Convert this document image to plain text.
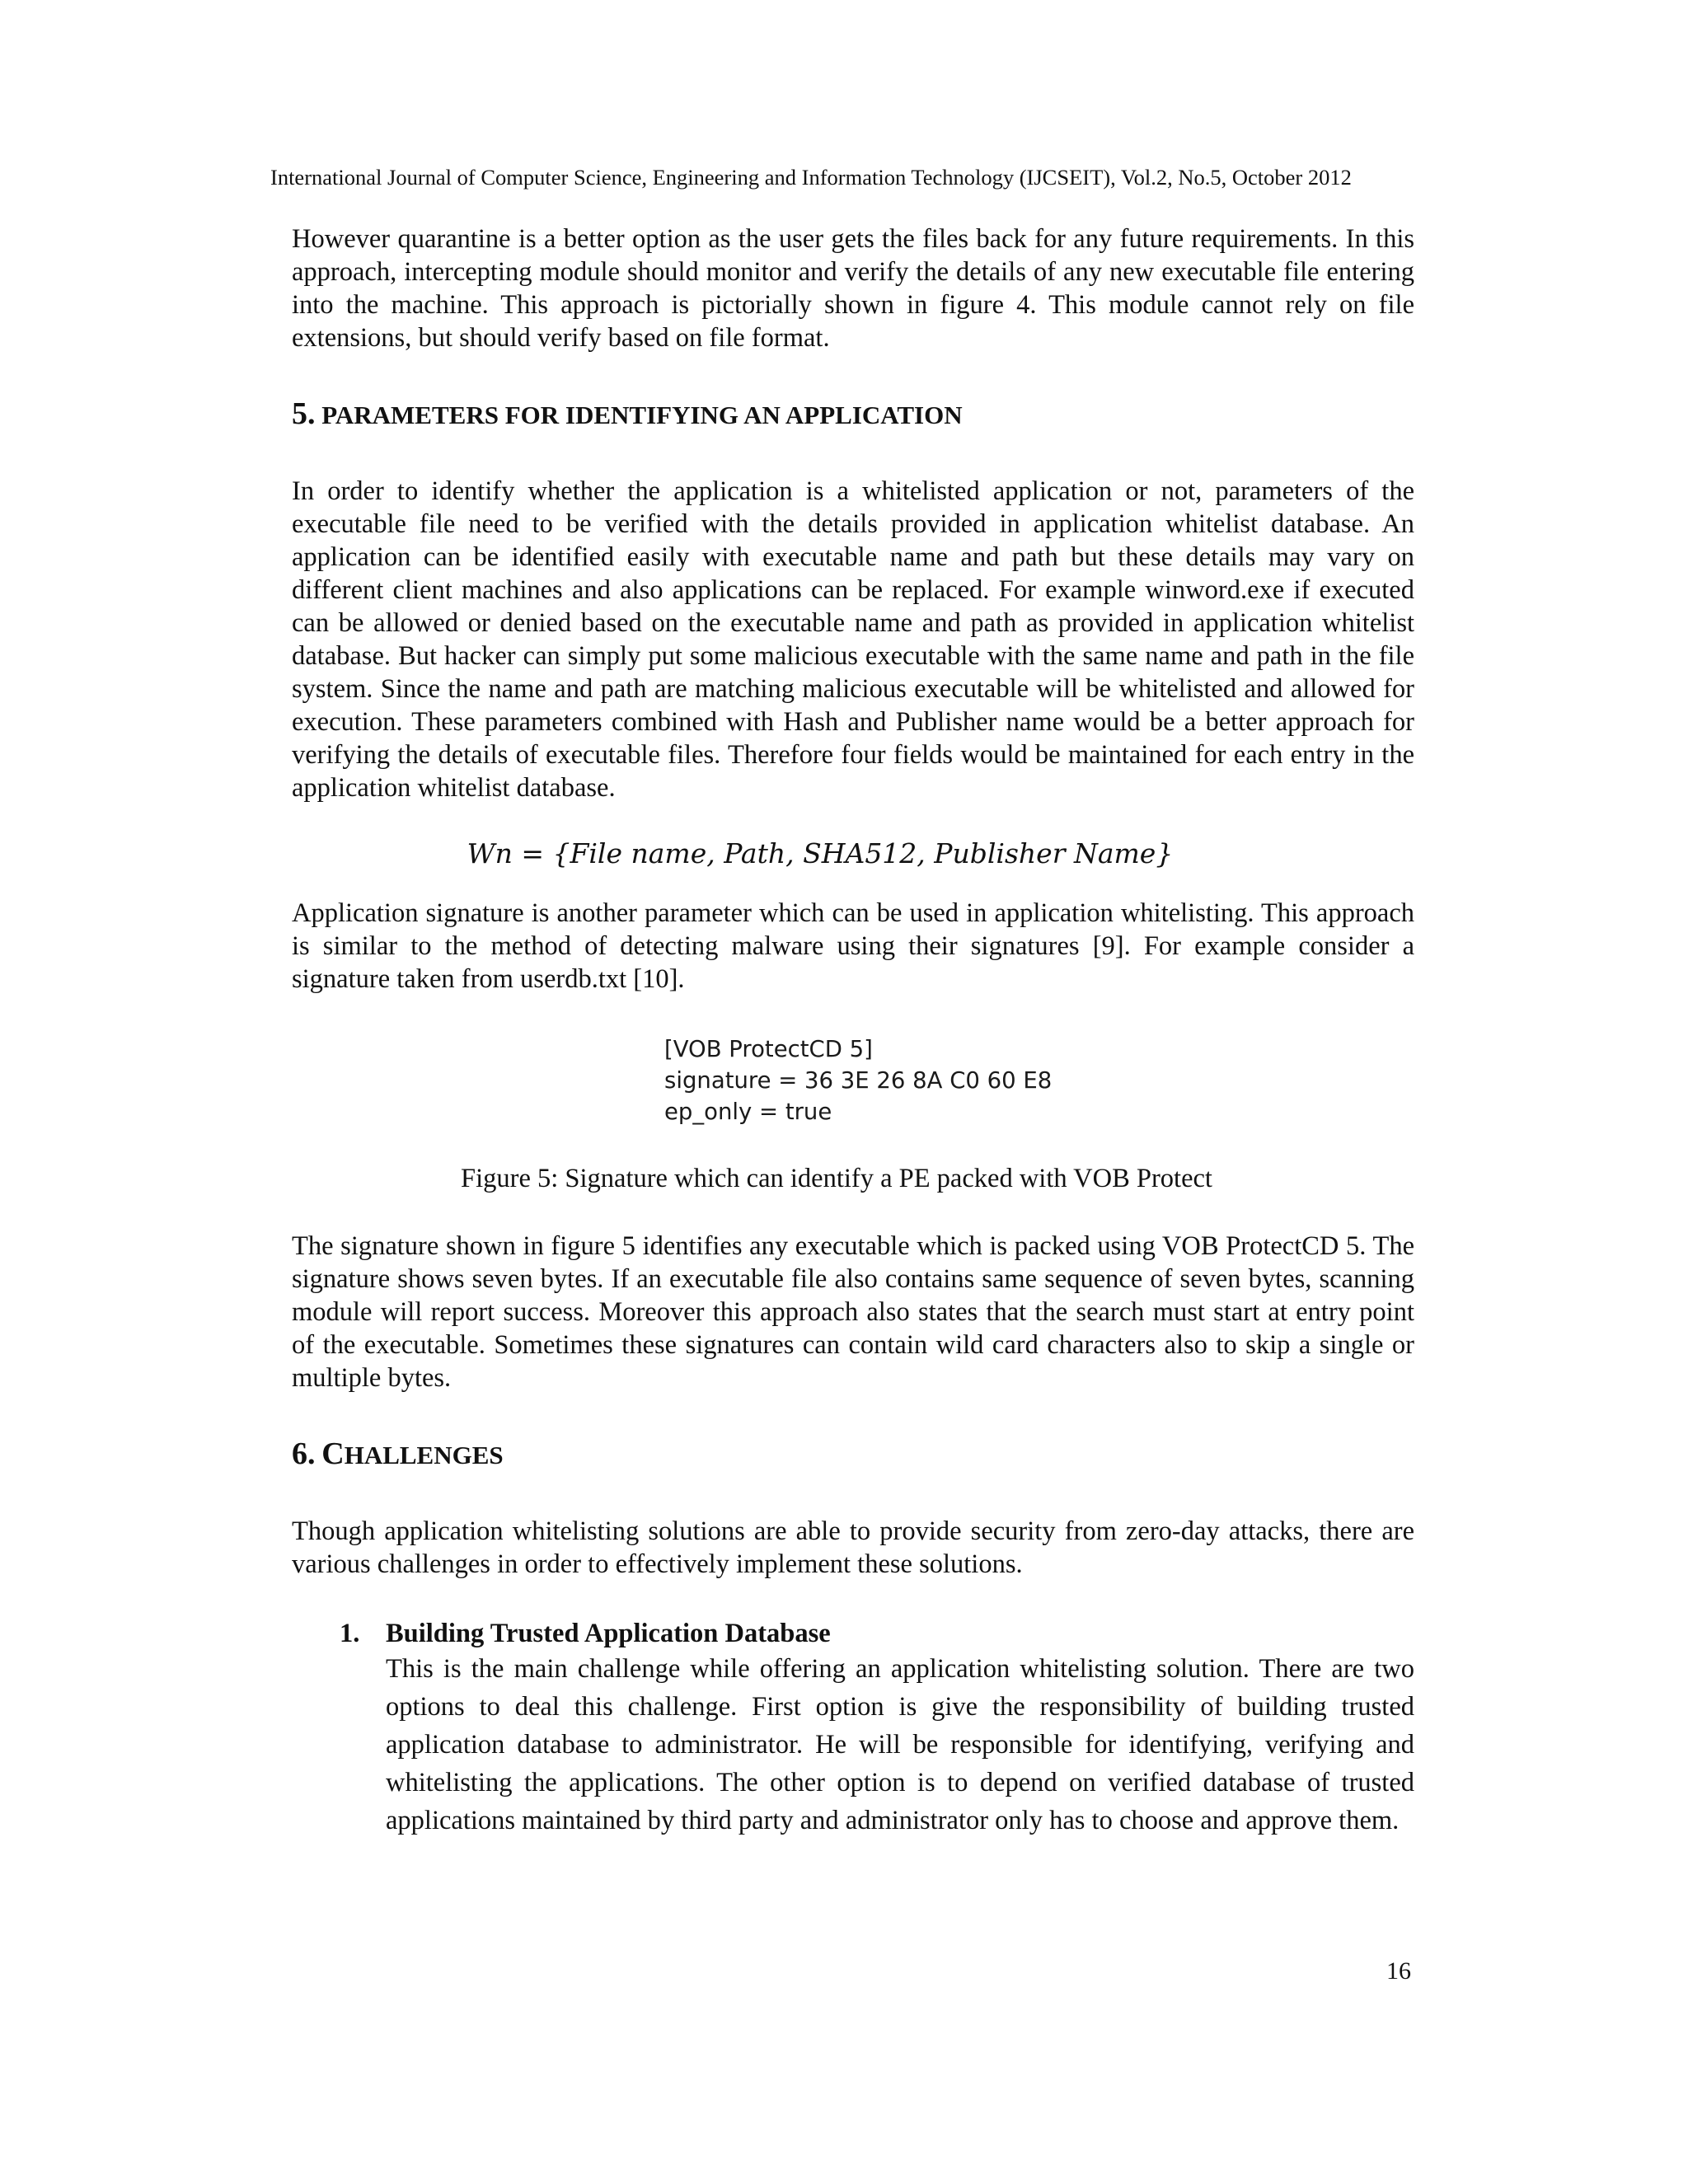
International Journal of Computer Science, Engineering and Information Technology (IJCSEIT), Vol.2, No.5, October 2012

However quarantine is a better option as the user gets the files back for any future requirements. In this approach, intercepting module should monitor and verify the details of any new executable file entering into the machine. This approach is pictorially shown in figure 4. This module cannot rely on file extensions, but should verify based on file format.

5. PARAMETERS FOR IDENTIFYING AN APPLICATION

In order to identify whether the application is a whitelisted application or not, parameters of the executable file need to be verified with the details provided in application whitelist database. An application can be identified easily with executable name and path but these details may vary on different client machines and also applications can be replaced. For example winword.exe if executed can be allowed or denied based on the executable name and path as provided in application whitelist database. But hacker can simply put some malicious executable with the same name and path in the file system. Since the name and path are matching malicious executable will be whitelisted and allowed for execution. These parameters combined with Hash and Publisher name would be a better approach for verifying the details of executable files. Therefore four fields would be maintained for each entry in the application whitelist database.

Wn = {File name, Path, SHA512, Publisher Name}

Application signature is another parameter which can be used in application whitelisting. This approach is similar to the method of detecting malware using their signatures [9]. For example consider a signature taken from userdb.txt [10].

[VOB ProtectCD 5]
signature = 36 3E 26 8A C0 60 E8
ep_only = true
Figure 5: Signature which can identify a PE packed with VOB Protect

The signature shown in figure 5 identifies any executable which is packed using VOB ProtectCD 5. The signature shows seven bytes. If an executable file also contains same sequence of seven bytes, scanning module will report success. Moreover this approach also states that the search must start at entry point of the executable. Sometimes these signatures can contain wild card characters also to skip a single or multiple bytes.

6. CHALLENGES

Though application whitelisting solutions are able to provide security from zero-day attacks, there are various challenges in order to effectively implement these solutions.

1. Building Trusted Application Database
This is the main challenge while offering an application whitelisting solution. There are two options to deal this challenge. First option is give the responsibility of building trusted application database to administrator. He will be responsible for identifying, verifying and whitelisting the applications. The other option is to depend on verified database of trusted applications maintained by third party and administrator only has to choose and approve them.
16
